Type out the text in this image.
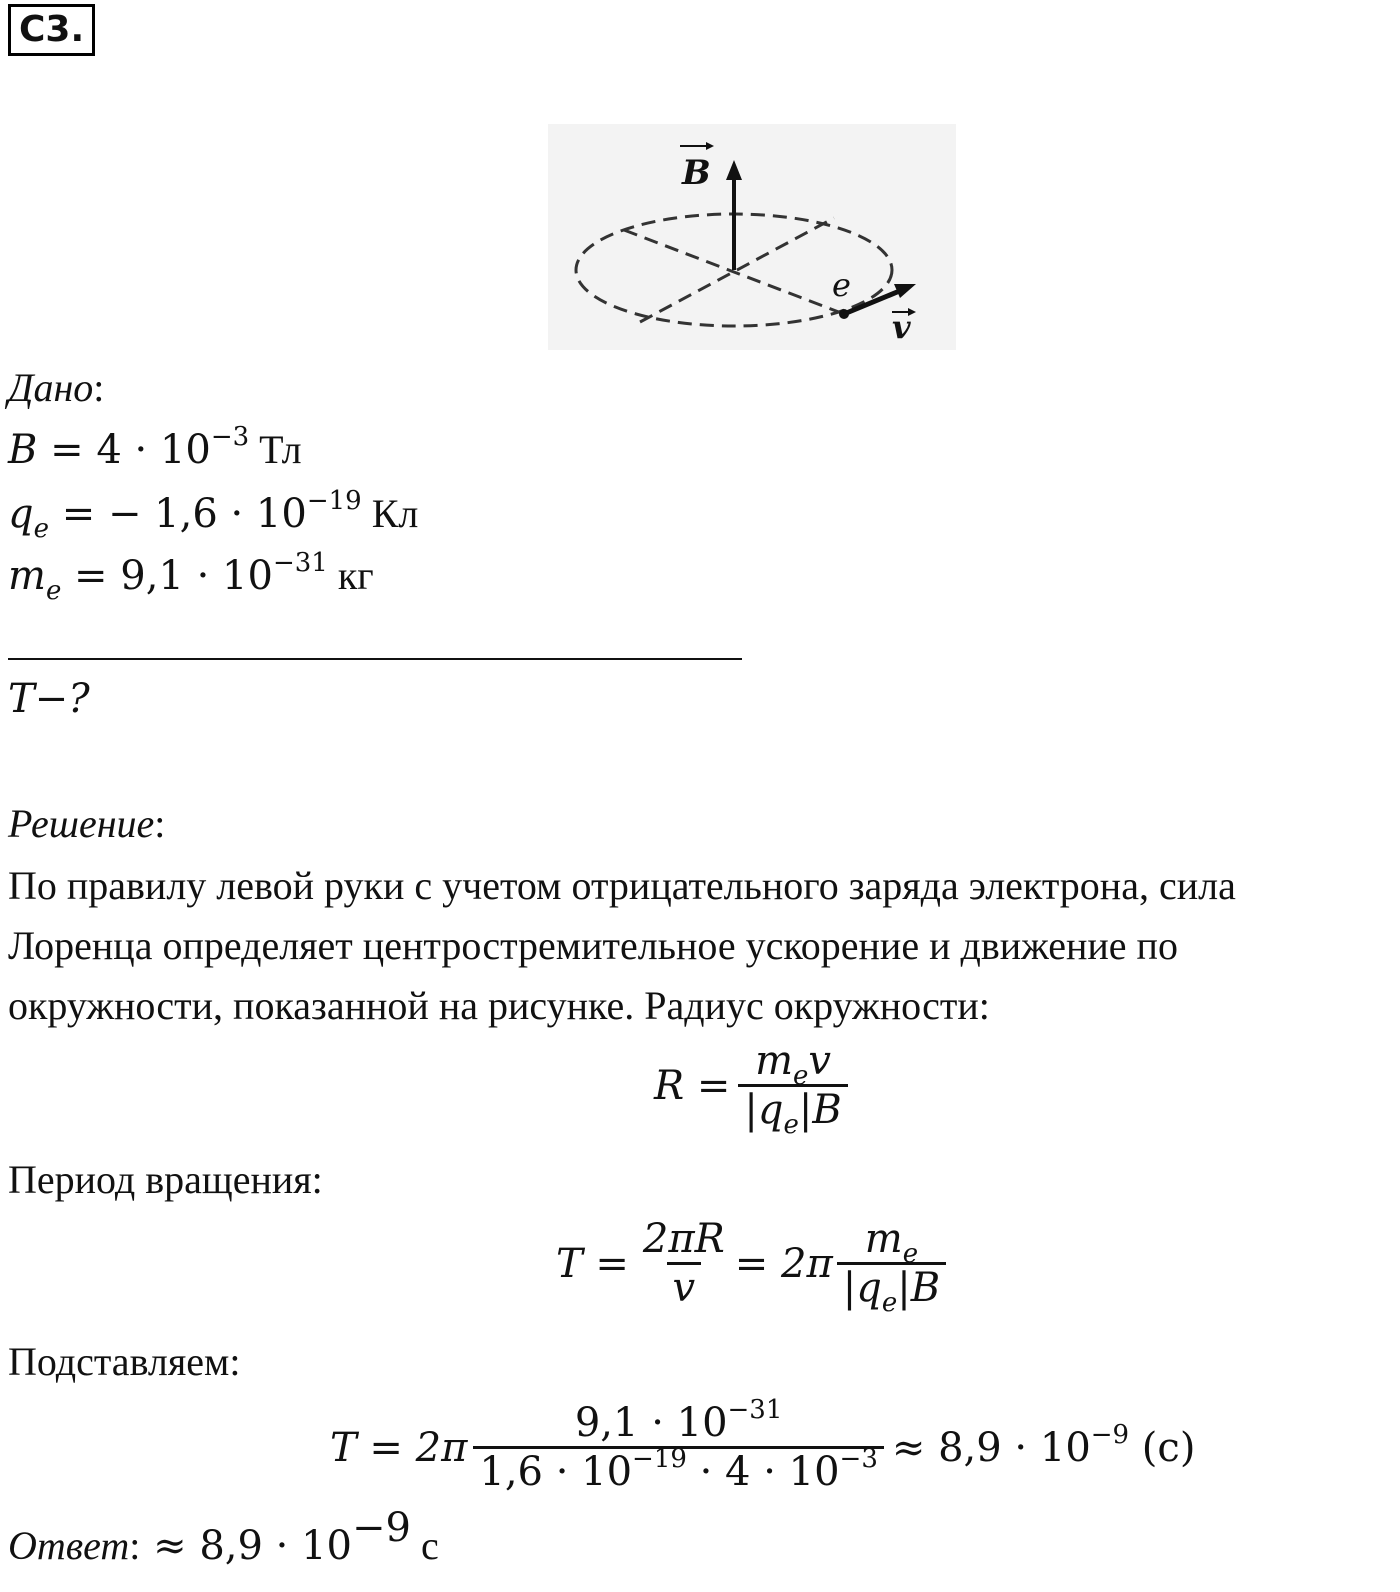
C3.
B
e
v
Дано:
$B = 4 \cdot 10^{-3}$ Тл
$q_e$ = − $1,6 \cdot 10^{-19}$ Кл
$m_e = 9,1 \cdot 10^{-31}$ кг
T−?
Решение:
По правилу левой руки с учетом отрицательного заряда электрона, сила
Лоренца определяет центростремительное ускорение и движение по
окружности, показанной на рисунке. Радиус окружности:
$R = \frac{m_ev}{|q_e|B}$
Период вращения:
$T = \frac{2\pi R}{v} = 2\pi \frac{m_e}{|q_e|B}$
Подставляем:
$T = 2\pi \frac{9,1 \cdot 10^{-31}}{1,6 \cdot 10^{-19} \cdot 4 \cdot 10^{-3}} \approx 8,9 \cdot 10^{-9}$ (c)
Ответ: ≈ $8,9 \cdot 10^{-9}$ c
